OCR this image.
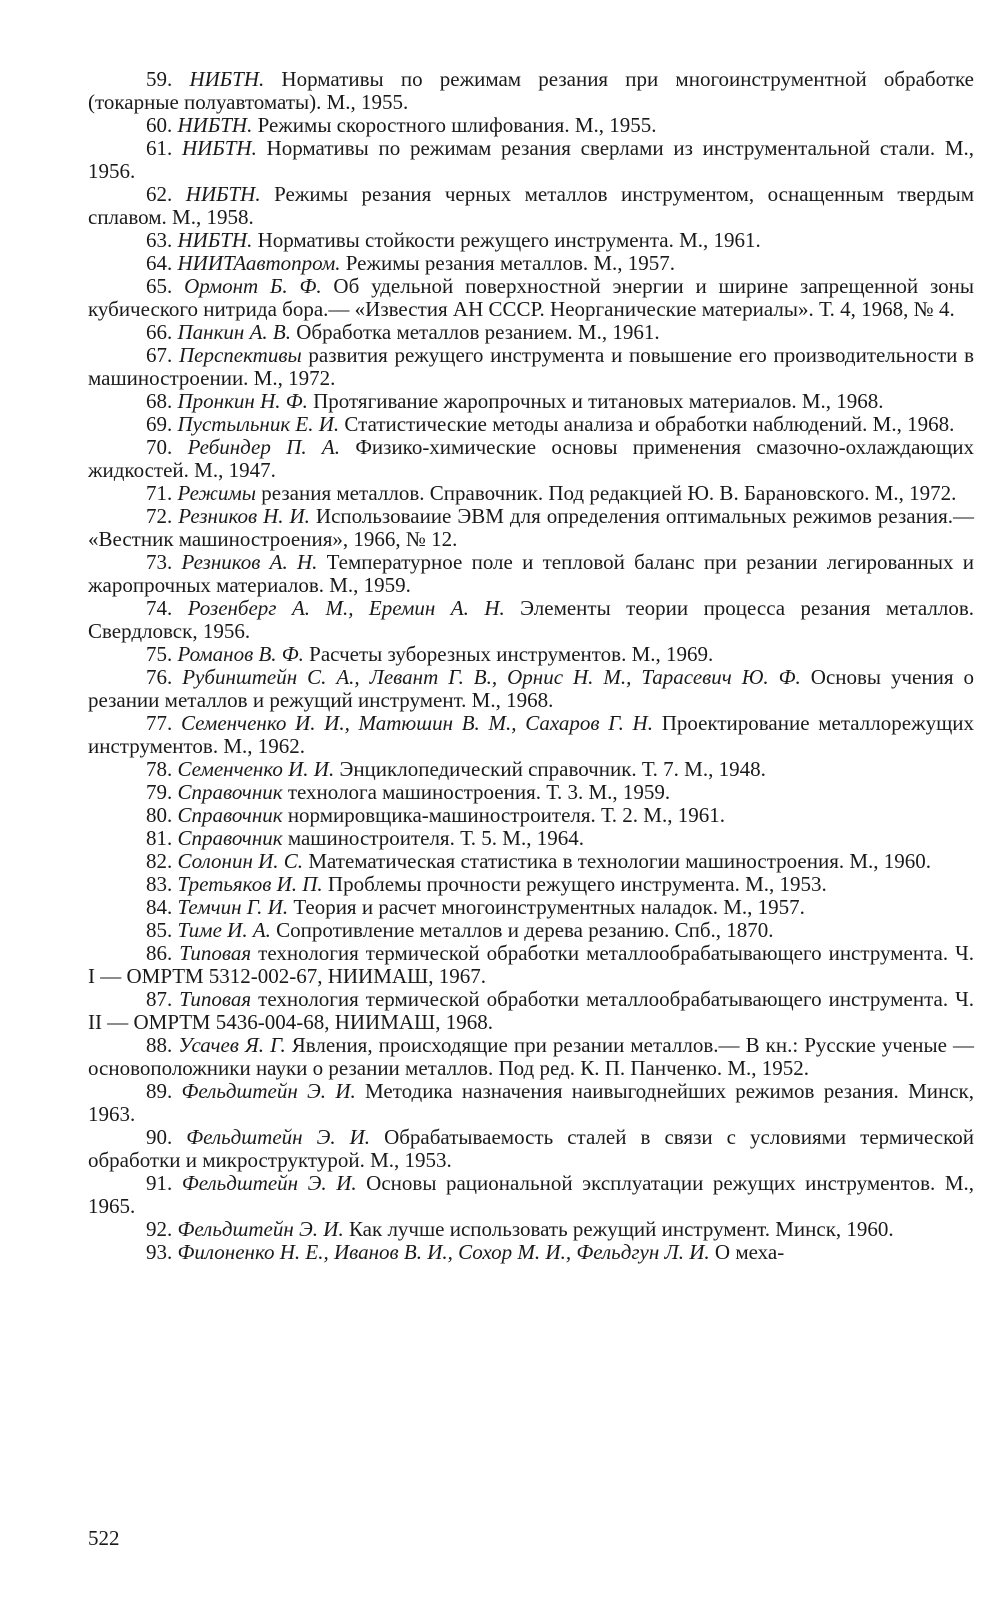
59. НИБТН. Нормативы по режимам резания при многоинструментной обработке (токарные полуавтоматы). М., 1955.

60. НИБТН. Режимы скоростного шлифования. М., 1955.

61. НИБТН. Нормативы по режимам резания сверлами из инструментальной стали. М., 1956.

62. НИБТН. Режимы резания черных металлов инструментом, оснащенным твердым сплавом. М., 1958.

63. НИБТН. Нормативы стойкости режущего инструмента. М., 1961.

64. НИИТАавтопром. Режимы резания металлов. М., 1957.

65. Ормонт Б. Ф. Об удельной поверхностной энергии и ширине запрещенной зоны кубического нитрида бора.— «Известия АН СССР. Неорганические материалы». Т. 4, 1968, № 4.

66. Панкин А. В. Обработка металлов резанием. М., 1961.

67. Перспективы развития режущего инструмента и повышение его производительности в машиностроении. М., 1972.

68. Пронкин Н. Ф. Протягивание жаропрочных и титановых материалов. М., 1968.

69. Пустыльник Е. И. Статистические методы анализа и обработки наблюдений. М., 1968.

70. Ребиндер П. А. Физико-химические основы применения смазочно-охлаждающих жидкостей. М., 1947.

71. Режимы резания металлов. Справочник. Под редакцией Ю. В. Барановского. М., 1972.

72. Резников Н. И. Использоваиие ЭВМ для определения оптимальных режимов резания.— «Вестник машиностроения», 1966, № 12.

73. Резников А. Н. Температурное поле и тепловой баланс при резании легированных и жаропрочных материалов. М., 1959.

74. Розенберг А. М., Еремин А. Н. Элементы теории процесса резания металлов. Свердловск, 1956.

75. Романов В. Ф. Расчеты зуборезных инструментов. М., 1969.

76. Рубинштейн С. А., Левант Г. В., Орнис Н. М., Тарасевич Ю. Ф. Основы учения о резании металлов и режущий инструмент. М., 1968.

77. Семенченко И. И., Матюшин В. М., Сахаров Г. Н. Проектирование металлорежущих инструментов. М., 1962.

78. Семенченко И. И. Энциклопедический справочник. Т. 7. М., 1948.

79. Справочник технолога машиностроения. Т. 3. М., 1959.

80. Справочник нормировщика-машиностроителя. Т. 2. М., 1961.

81. Справочник машиностроителя. Т. 5. М., 1964.

82. Солонин И. С. Математическая статистика в технологии машиностроения. М., 1960.

83. Третьяков И. П. Проблемы прочности режущего инструмента. М., 1953.

84. Темчин Г. И. Теория и расчет многоинструментных наладок. М., 1957.

85. Тиме И. А. Сопротивление металлов и дерева резанию. Спб., 1870.

86. Типовая технология термической обработки металлообрабатывающего инструмента. Ч. I — ОМРТМ 5312-002-67, НИИМАШ, 1967.

87. Типовая технология термической обработки металлообрабатывающего инструмента. Ч. II — ОМРТМ 5436-004-68, НИИМАШ, 1968.

88. Усачев Я. Г. Явления, происходящие при резании металлов.— В кн.: Русские ученые — основоположники науки о резании металлов. Под ред. К. П. Панченко. М., 1952.

89. Фельдштейн Э. И. Методика назначения наивыгоднейших режимов резания. Минск, 1963.

90. Фельдштейн Э. И. Обрабатываемость сталей в связи с условиями термической обработки и микроструктурой. М., 1953.

91. Фельдштейн Э. И. Основы рациональной эксплуатации режущих инструментов. М., 1965.

92. Фельдштейн Э. И. Как лучше использовать режущий инструмент. Минск, 1960.

93. Филоненко Н. Е., Иванов В. И., Сохор М. И., Фельдгун Л. И. О меха-

522
